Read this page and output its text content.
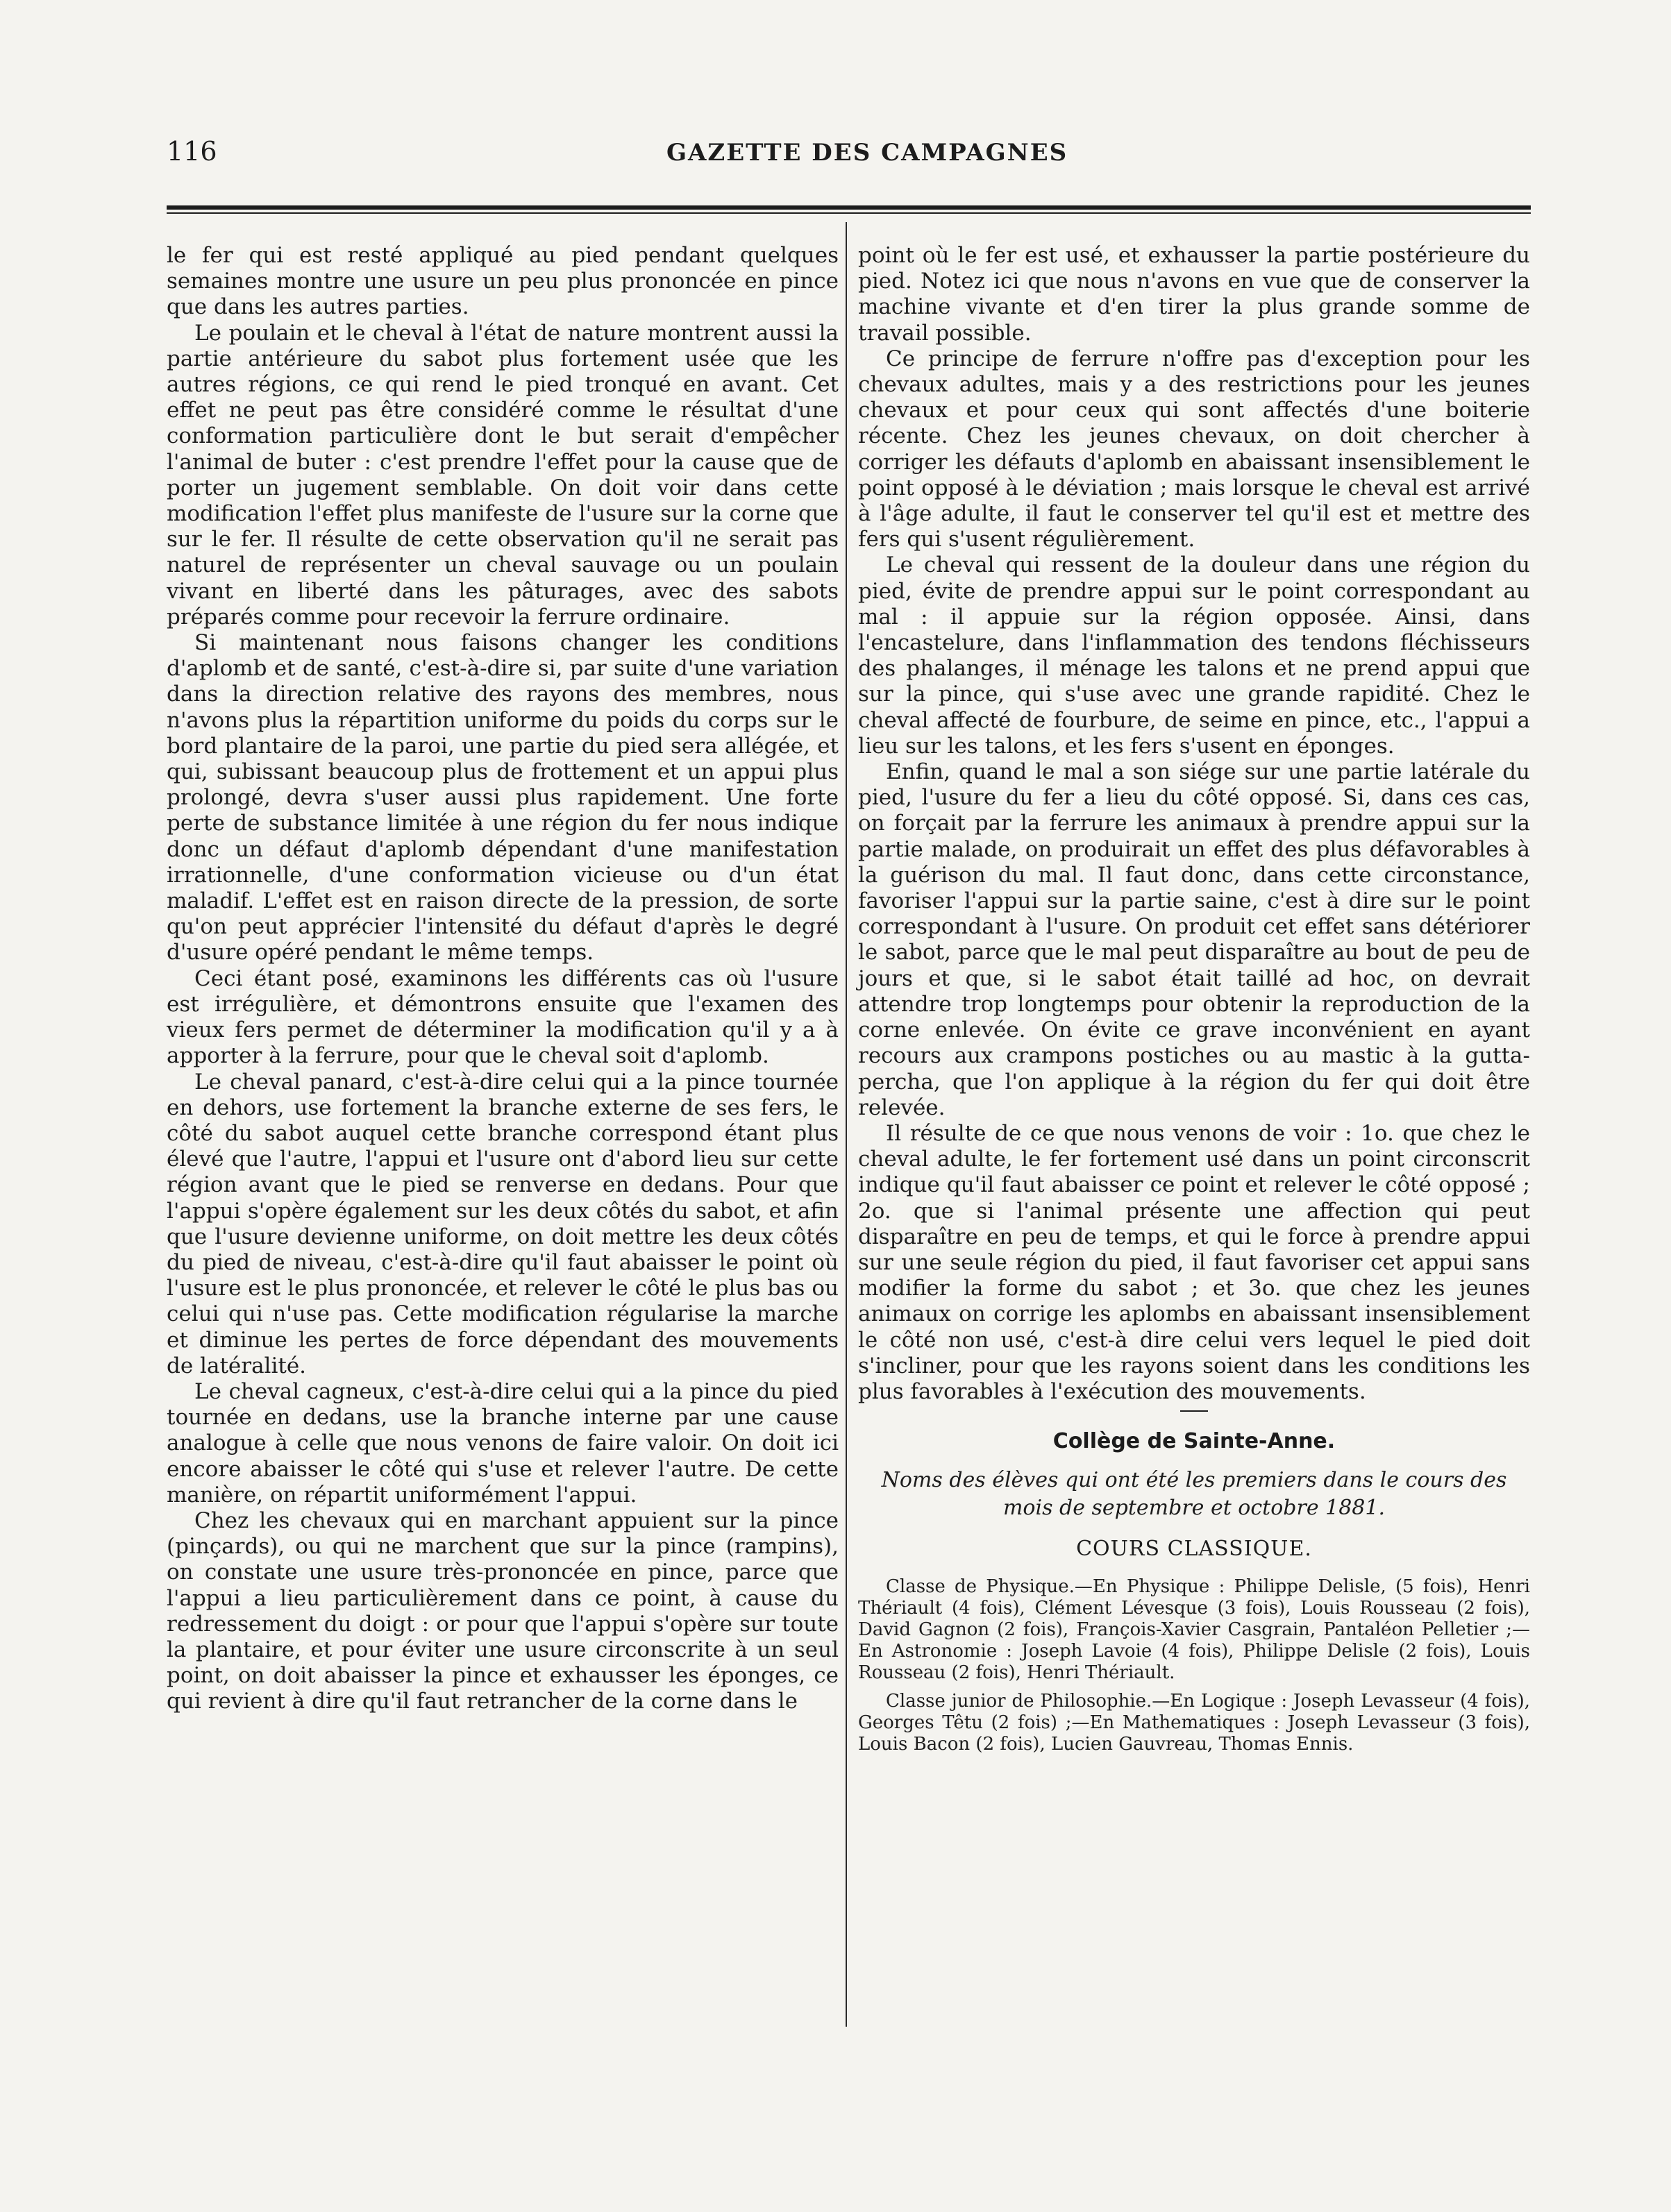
116	GAZETTE DES CAMPAGNES

le fer qui est resté appliqué au pied pendant quelques semaines montre une usure un peu plus prononcée en pince que dans les autres parties.

Le poulain et le cheval à l'état de nature montrent aussi la partie antérieure du sabot plus fortement usée que les autres régions, ce qui rend le pied tronqué en avant. Cet effet ne peut pas être considéré comme le résultat d'une conformation particulière dont le but serait d'empêcher l'animal de buter : c'est prendre l'effet pour la cause que de porter un jugement semblable. On doit voir dans cette modification l'effet plus manifeste de l'usure sur la corne que sur le fer. Il résulte de cette observation qu'il ne serait pas naturel de représenter un cheval sauvage ou un poulain vivant en liberté dans les pâturages, avec des sabots préparés comme pour recevoir la ferrure ordinaire.

Si maintenant nous faisons changer les conditions d'aplomb et de santé, c'est-à-dire si, par suite d'une variation dans la direction relative des rayons des membres, nous n'avons plus la répartition uniforme du poids du corps sur le bord plantaire de la paroi, une partie du pied sera allégée, et qui, subissant beaucoup plus de frottement et un appui plus prolongé, devra s'user aussi plus rapidement. Une forte perte de substance limitée à une région du fer nous indique donc un défaut d'aplomb dépendant d'une manifestation irrationnelle, d'une conformation vicieuse ou d'un état maladif. L'effet est en raison directe de la pression, de sorte qu'on peut apprécier l'intensité du défaut d'après le degré d'usure opéré pendant le même temps.

Ceci étant posé, examinons les différents cas où l'usure est irrégulière, et démontrons ensuite que l'examen des vieux fers permet de déterminer la modification qu'il y a à apporter à la ferrure, pour que le cheval soit d'aplomb.

Le cheval panard, c'est-à-dire celui qui a la pince tournée en dehors, use fortement la branche externe de ses fers, le côté du sabot auquel cette branche correspond étant plus élevé que l'autre, l'appui et l'usure ont d'abord lieu sur cette région avant que le pied se renverse en dedans. Pour que l'appui s'opère également sur les deux côtés du sabot, et afin que l'usure devienne uniforme, on doit mettre les deux côtés du pied de niveau, c'est-à-dire qu'il faut abaisser le point où l'usure est le plus prononcée, et relever le côté le plus bas ou celui qui n'use pas. Cette modification régularise la marche et diminue les pertes de force dépendant des mouvements de latéralité.

Le cheval cagneux, c'est-à-dire celui qui a la pince du pied tournée en dedans, use la branche interne par une cause analogue à celle que nous venons de faire valoir. On doit ici encore abaisser le côté qui s'use et relever l'autre. De cette manière, on répartit uniformément l'appui.

Chez les chevaux qui en marchant appuient sur la pince (pinçards), ou qui ne marchent que sur la pince (rampins), on constate une usure très-prononcée en pince, parce que l'appui a lieu particulièrement dans ce point, à cause du redressement du doigt : or pour que l'appui s'opère sur toute la plantaire, et pour éviter une usure circonscrite à un seul point, on doit abaisser la pince et exhausser les éponges, ce qui revient à dire qu'il faut retrancher de la corne dans le

point où le fer est usé, et exhausser la partie postérieure du pied. Notez ici que nous n'avons en vue que de conserver la machine vivante et d'en tirer la plus grande somme de travail possible.

Ce principe de ferrure n'offre pas d'exception pour les chevaux adultes, mais y a des restrictions pour les jeunes chevaux et pour ceux qui sont affectés d'une boiterie récente. Chez les jeunes chevaux, on doit chercher à corriger les défauts d'aplomb en abaissant insensiblement le point opposé à le déviation ; mais lorsque le cheval est arrivé à l'âge adulte, il faut le conserver tel qu'il est et mettre des fers qui s'usent régulièrement.

Le cheval qui ressent de la douleur dans une région du pied, évite de prendre appui sur le point correspondant au mal : il appuie sur la région opposée. Ainsi, dans l'encastelure, dans l'inflammation des tendons fléchisseurs des phalanges, il ménage les talons et ne prend appui que sur la pince, qui s'use avec une grande rapidité. Chez le cheval affecté de fourbure, de seime en pince, etc., l'appui a lieu sur les talons, et les fers s'usent en éponges.

Enfin, quand le mal a son siége sur une partie latérale du pied, l'usure du fer a lieu du côté opposé. Si, dans ces cas, on forçait par la ferrure les animaux à prendre appui sur la partie malade, on produirait un effet des plus défavorables à la guérison du mal. Il faut donc, dans cette circonstance, favoriser l'appui sur la partie saine, c'est à dire sur le point correspondant à l'usure. On produit cet effet sans détériorer le sabot, parce que le mal peut disparaître au bout de peu de jours et que, si le sabot était taillé ad hoc, on devrait attendre trop longtemps pour obtenir la reproduction de la corne enlevée. On évite ce grave inconvénient en ayant recours aux crampons postiches ou au mastic à la gutta-percha, que l'on applique à la région du fer qui doit être relevée.

Il résulte de ce que nous venons de voir : 1o. que chez le cheval adulte, le fer fortement usé dans un point circonscrit indique qu'il faut abaisser ce point et relever le côté opposé ; 2o. que si l'animal présente une affection qui peut disparaître en peu de temps, et qui le force à prendre appui sur une seule région du pied, il faut favoriser cet appui sans modifier la forme du sabot ; et 3o. que chez les jeunes animaux on corrige les aplombs en abaissant insensiblement le côté non usé, c'est-à dire celui vers lequel le pied doit s'incliner, pour que les rayons soient dans les conditions les plus favorables à l'exécution des mouvements.

Collège de Sainte-Anne.
Noms des élèves qui ont été les premiers dans le cours des mois de septembre et octobre 1881.
COURS CLASSIQUE.

Classe de Physique.—En Physique : Philippe Delisle, (5 fois), Henri Thériault (4 fois), Clément Lévesque (3 fois), Louis Rousseau (2 fois), David Gagnon (2 fois), François-Xavier Casgrain, Pantaléon Pelletier ;—En Astronomie : Joseph Lavoie (4 fois), Philippe Delisle (2 fois), Louis Rousseau (2 fois), Henri Thériault.

Classe junior de Philosophie.—En Logique : Joseph Levasseur (4 fois), Georges Têtu (2 fois) ;—En Mathematiques : Joseph Levasseur (3 fois), Louis Bacon (2 fois), Lucien Gauvreau, Thomas Ennis.
